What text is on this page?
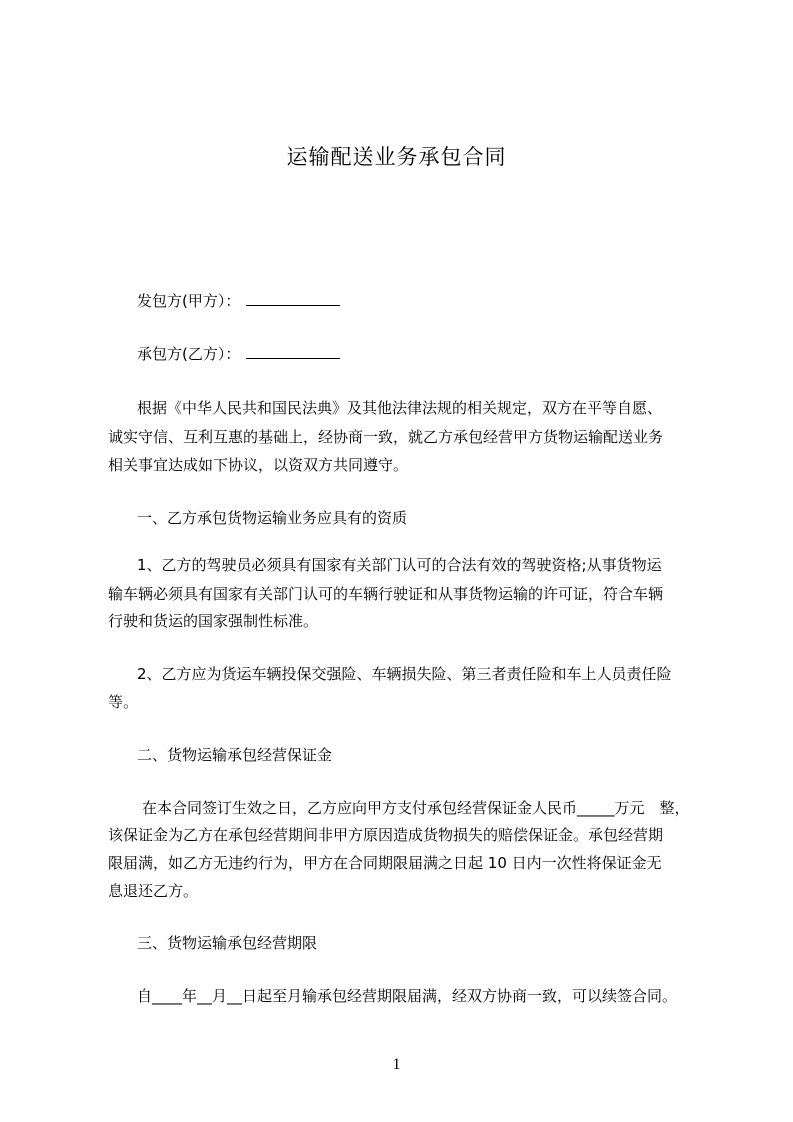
运输配送业务承包合同
发包方(甲方）：
承包方(乙方）：
根据《中华人民共和国民法典》及其他法律法规的相关规定，双方在平等自愿、
诚实守信、互利互惠的基础上，经协商一致，就乙方承包经营甲方货物运输配送业务
相关事宜达成如下协议，以资双方共同遵守。
一、乙方承包货物运输业务应具有的资质
1、乙方的驾驶员必须具有国家有关部门认可的合法有效的驾驶资格;从事货物运
输车辆必须具有国家有关部门认可的车辆行驶证和从事货物运输的许可证，符合车辆
行驶和货运的国家强制性标准。
2、乙方应为货运车辆投保交强险、车辆损失险、第三者责任险和车上人员责任险
等。
二、货物运输承包经营保证金
在本合同签订生效之日，乙方应向甲方支付承包经营保证金人民币_____万元　整，
该保证金为乙方在承包经营期间非甲方原因造成货物损失的赔偿保证金。承包经营期
限届满，如乙方无违约行为，甲方在合同期限届满之日起 10 日内一次性将保证金无
息退还乙方。
三、货物运输承包经营期限
自____年__月__日起至月输承包经营期限届满，经双方协商一致，可以续签合同。
1
